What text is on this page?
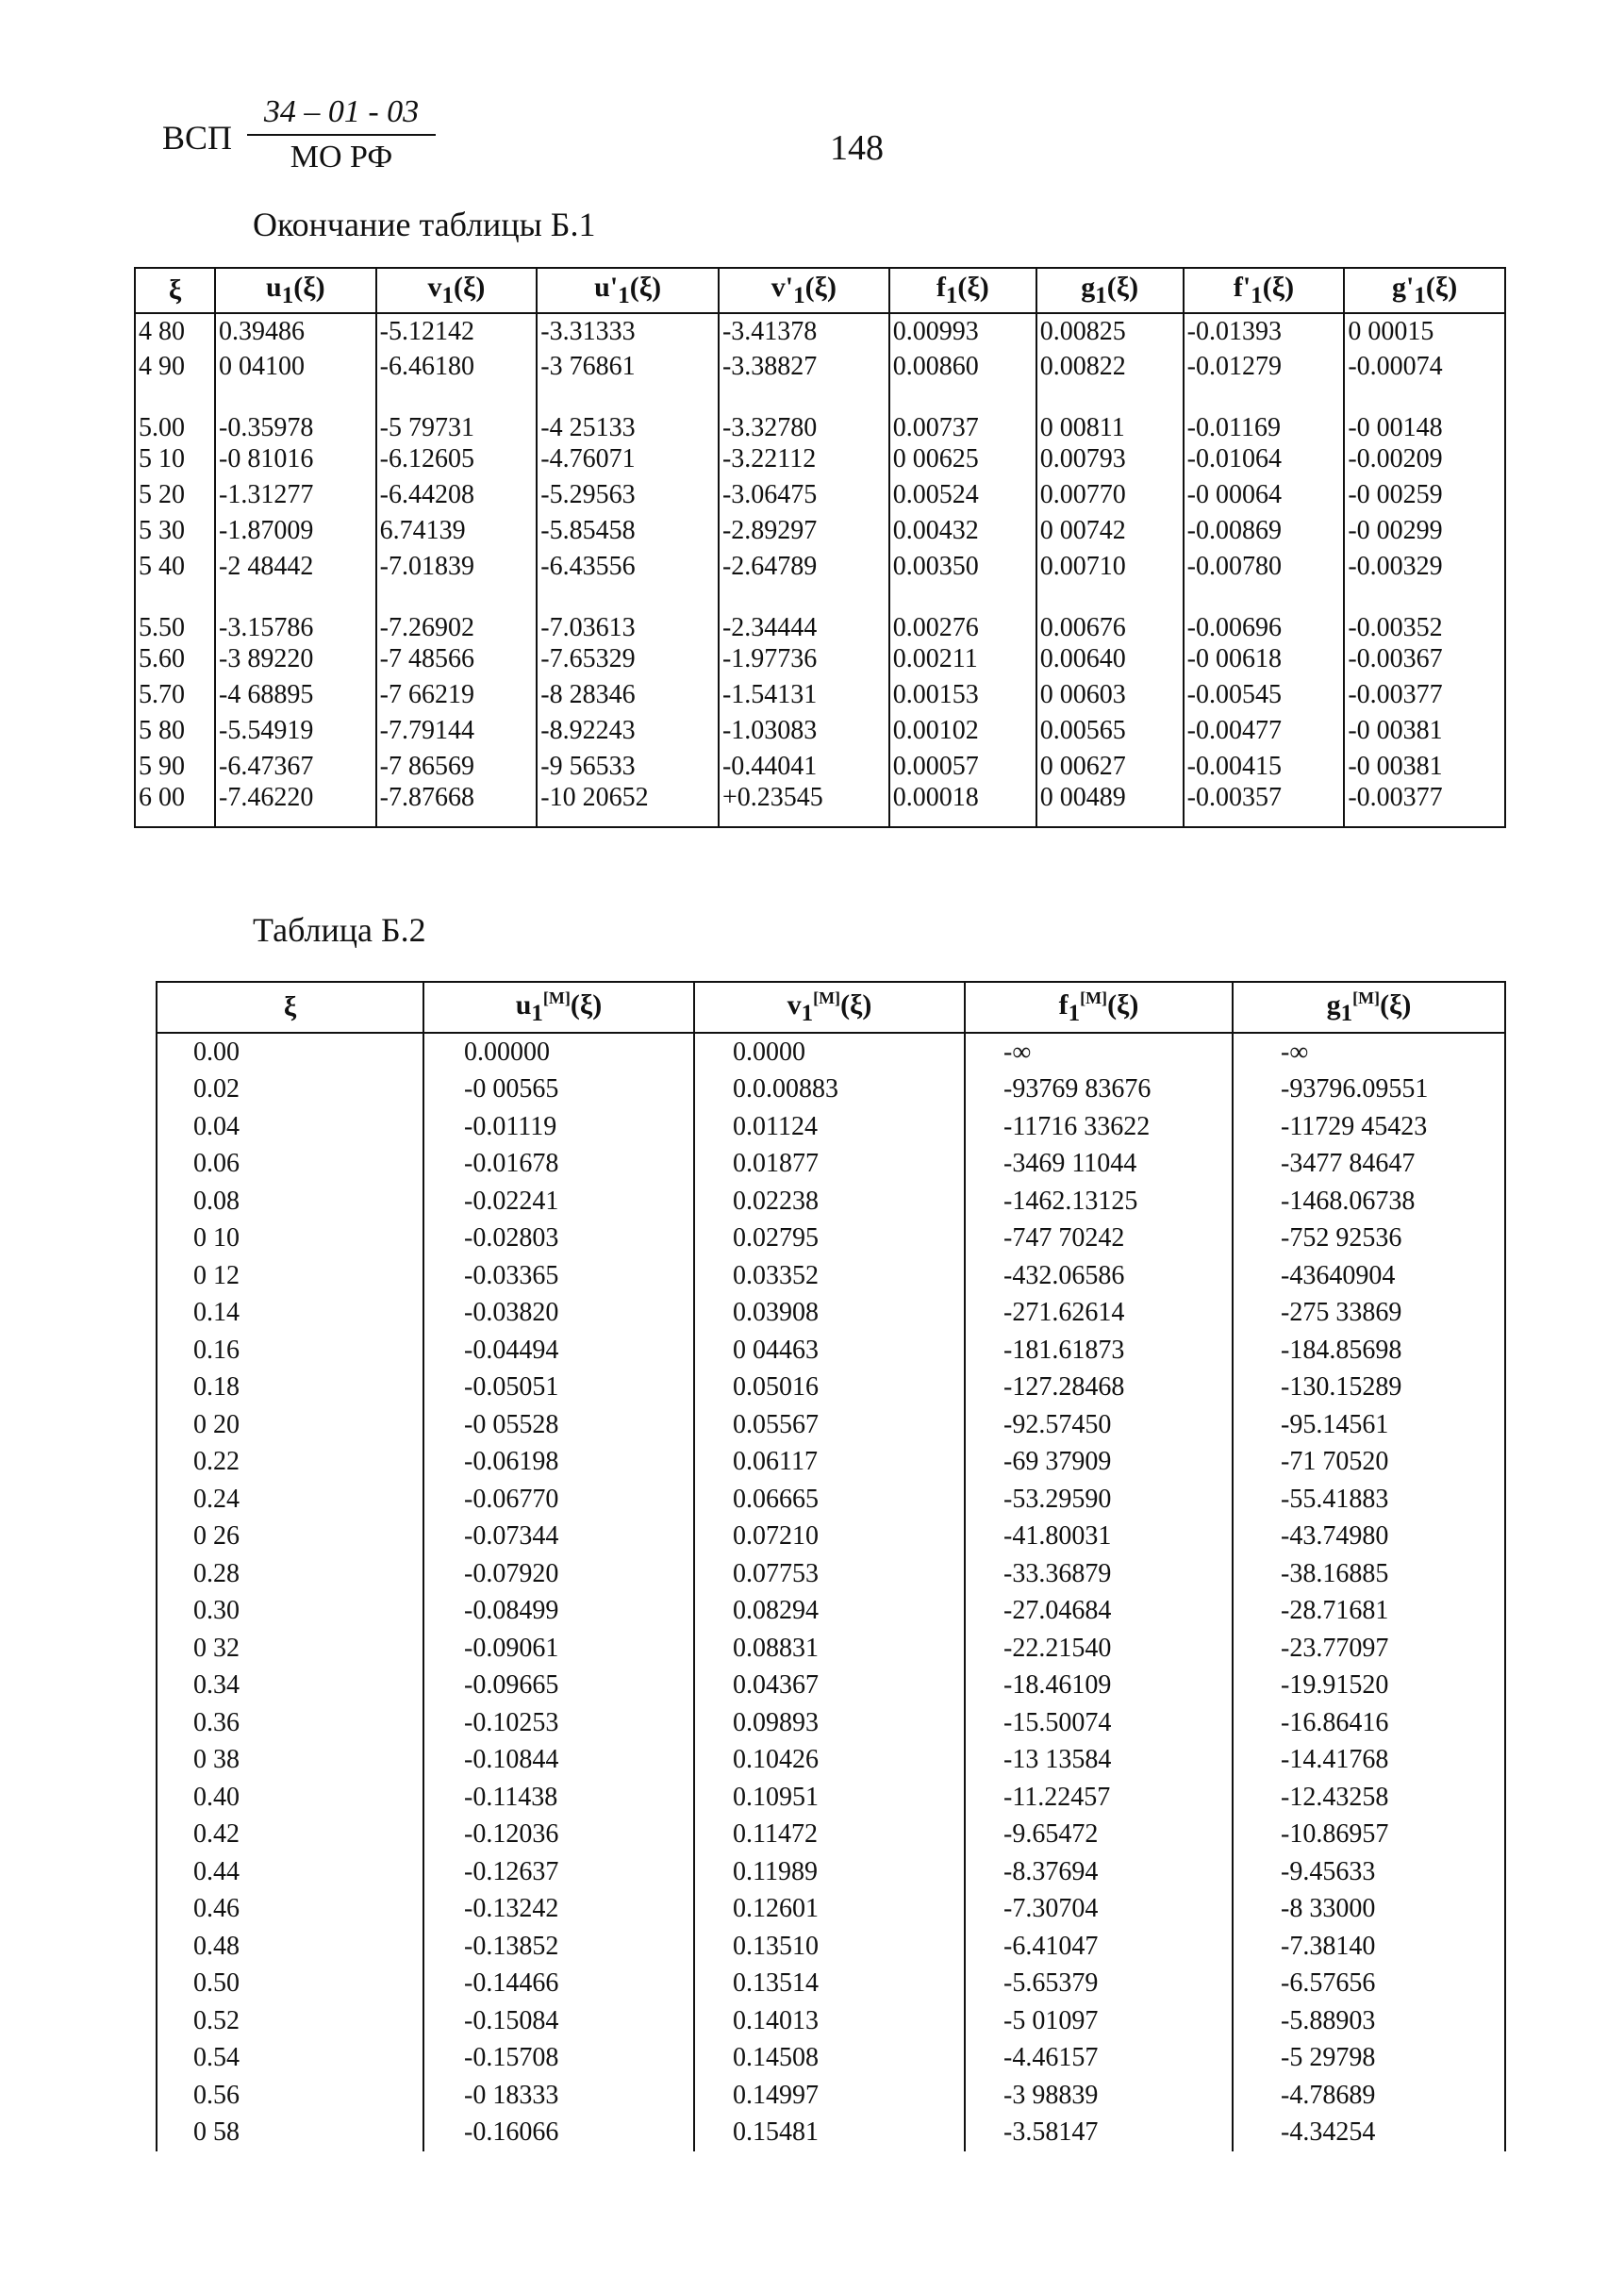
ВСП
34 – 01 - 03
МО РФ	148
Окончание таблицы Б.1
ξ	$u_1(\xi)$	$v_1(\xi)$	$u'_1(\xi)$	$v'_1(\xi)$	$f_1(\xi)$	$g_1(\xi)$	$f'_1(\xi)$	$g'_1(\xi)$
4 80	0.39486	-5.12142	-3.31333	-3.41378	0.00993	0.00825	-0.01393	0 00015
4 90	0 04100	-6.46180	-3 76861	-3.38827	0.00860	0.00822	-0.01279	-0.00074
5.00	-0.35978	-5 79731	-4 25133	-3.32780	0.00737	0 00811	-0.01169	-0 00148
5 10	-0 81016	-6.12605	-4.76071	-3.22112	0 00625	0.00793	-0.01064	-0.00209
5 20	-1.31277	-6.44208	-5.29563	-3.06475	0.00524	0.00770	-0 00064	-0 00259
5 30	-1.87009	6.74139	-5.85458	-2.89297	0.00432	0 00742	-0.00869	-0 00299
5 40	-2 48442	-7.01839	-6.43556	-2.64789	0.00350	0.00710	-0.00780	-0.00329
5.50	-3.15786	-7.26902	-7.03613	-2.34444	0.00276	0.00676	-0.00696	-0.00352
5.60	-3 89220	-7 48566	-7.65329	-1.97736	0.00211	0.00640	-0 00618	-0.00367
5.70	-4 68895	-7 66219	-8 28346	-1.54131	0.00153	0 00603	-0.00545	-0.00377
5 80	-5.54919	-7.79144	-8.92243	-1.03083	0.00102	0.00565	-0.00477	-0 00381
5 90	-6.47367	-7 86569	-9 56533	-0.44041	0.00057	0 00627	-0.00415	-0 00381
6 00	-7.46220	-7.87668	-10 20652	+0.23545	0.00018	0 00489	-0.00357	-0.00377
Таблица Б.2
ξ	$u_1[M](\xi)$	$v_1[M](\xi)$	$f_1[M](\xi)$	$g_1[M](\xi)$
0.00	0.00000	0.0000	-∞	-∞
0.02	-0 00565	0.0.00883	-93769 83676	-93796.09551
0.04	-0.01119	0.01124	-11716 33622	-11729 45423
0.06	-0.01678	0.01877	-3469 11044	-3477 84647
0.08	-0.02241	0.02238	-1462.13125	-1468.06738
0 10	-0.02803	0.02795	-747 70242	-752 92536
0 12	-0.03365	0.03352	-432.06586	-43640904
0.14	-0.03820	0.03908	-271.62614	-275 33869
0.16	-0.04494	0 04463	-181.61873	-184.85698
0.18	-0.05051	0.05016	-127.28468	-130.15289
0 20	-0 05528	0.05567	-92.57450	-95.14561
0.22	-0.06198	0.06117	-69 37909	-71 70520
0.24	-0.06770	0.06665	-53.29590	-55.41883
0 26	-0.07344	0.07210	-41.80031	-43.74980
0.28	-0.07920	0.07753	-33.36879	-38.16885
0.30	-0.08499	0.08294	-27.04684	-28.71681
0 32	-0.09061	0.08831	-22.21540	-23.77097
0.34	-0.09665	0.04367	-18.46109	-19.91520
0.36	-0.10253	0.09893	-15.50074	-16.86416
0 38	-0.10844	0.10426	-13 13584	-14.41768
0.40	-0.11438	0.10951	-11.22457	-12.43258
0.42	-0.12036	0.11472	-9.65472	-10.86957
0.44	-0.12637	0.11989	-8.37694	-9.45633
0.46	-0.13242	0.12601	-7.30704	-8 33000
0.48	-0.13852	0.13510	-6.41047	-7.38140
0.50	-0.14466	0.13514	-5.65379	-6.57656
0.52	-0.15084	0.14013	-5 01097	-5.88903
0.54	-0.15708	0.14508	-4.46157	-5 29798
0.56	-0 18333	0.14997	-3 98839	-4.78689
0 58	-0.16066	0.15481	-3.58147	-4.34254
